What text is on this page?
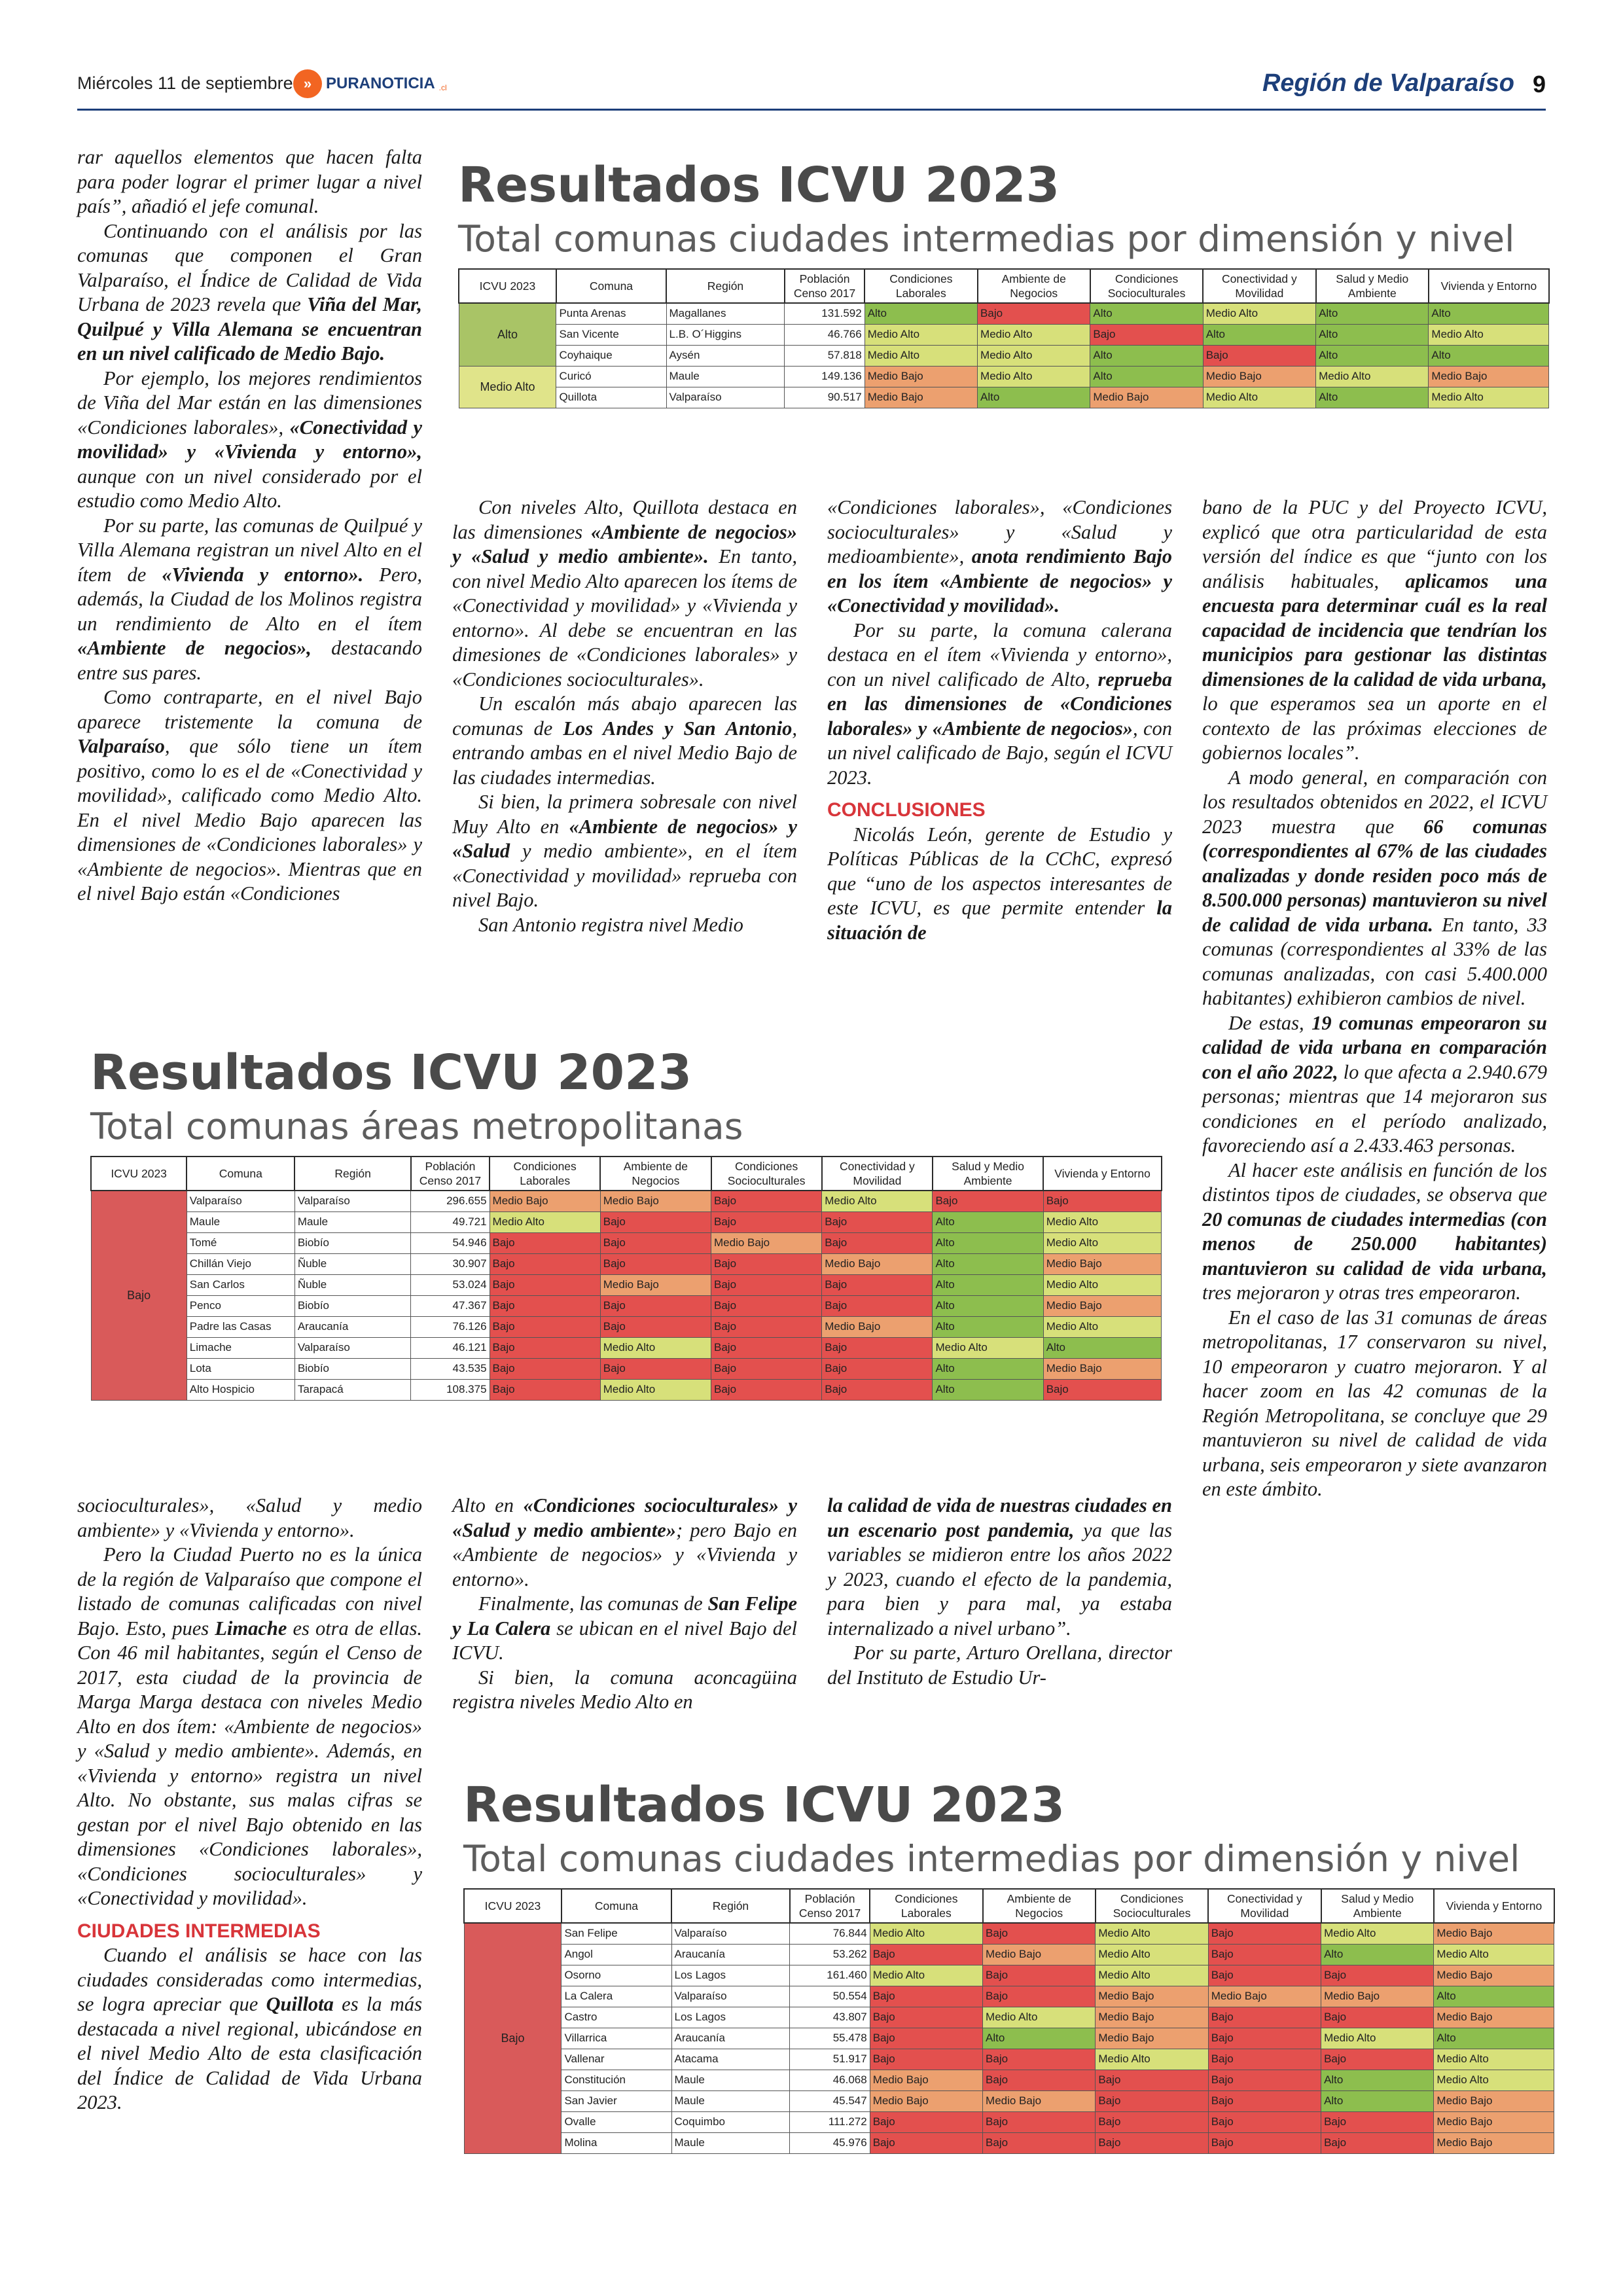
Miércoles 11 de septiembre » PURANOTICIA .cl	Región de Valparaíso 9

rar aquellos elementos que hacen falta para poder lograr el primer lugar a nivel país”, añadió el jefe comunal.

Continuando con el análisis por las comunas que componen el Gran Valparaíso, el Índice de Calidad de Vida Urbana de 2023 revela que Viña del Mar, Quilpué y Villa Alemana se encuentran en un nivel calificado de Medio Bajo.

Por ejemplo, los mejores rendimientos de Viña del Mar están en las dimensiones «Condiciones laborales», «Conectividad y movilidad» y «Vivienda y entorno», aunque con un nivel considerado por el estudio como Medio Alto.

Por su parte, las comunas de Quilpué y Villa Alemana registran un nivel Alto en el ítem de «Vivienda y entorno». Pero, además, la Ciudad de los Molinos registra un rendimiento de Alto en el ítem «Ambiente de negocios», destacando entre sus pares.

Como contraparte, en el nivel Bajo aparece tristemente la comuna de Valparaíso, que sólo tiene un ítem positivo, como lo es el de «Conectividad y movilidad», calificado como Medio Alto. En el nivel Medio Bajo aparecen las dimensiones de «Condiciones laborales» y «Ambiente de negocios». Mientras que en el nivel Bajo están «Condiciones

Con niveles Alto, Quillota destaca en las dimensiones «Ambiente de negocios» y «Salud y medio ambiente». En tanto, con nivel Medio Alto aparecen los ítems de «Conectividad y movilidad» y «Vivienda y entorno». Al debe se encuentran en las dimesiones de «Condiciones laborales» y «Condiciones socioculturales».

Un escalón más abajo aparecen las comunas de Los Andes y San Antonio, entrando ambas en el nivel Medio Bajo de las ciudades intermedias.

Si bien, la primera sobresale con nivel Muy Alto en «Ambiente de negocios» y «Salud y medio ambiente», en el ítem «Conectividad y movilidad» reprueba con nivel Bajo.

San Antonio registra nivel Medio

«Condiciones laborales», «Condiciones socioculturales» y «Salud y medioambiente», anota rendimiento Bajo en los ítem «Ambiente de negocios» y «Conectividad y movilidad».

Por su parte, la comuna calerana destaca en el ítem «Vivienda y entorno», con un nivel calificado de Alto, reprueba en las dimensiones de «Condiciones laborales» y «Ambiente de negocios», con un nivel calificado de Bajo, según el ICVU 2023.

CONCLUSIONES

Nicolás León, gerente de Estudio y Políticas Públicas de la CChC, expresó que “uno de los aspectos interesantes de este ICVU, es que permite entender la situación de

bano de la PUC y del Proyecto ICVU, explicó que otra particularidad de esta versión del índice es que “junto con los análisis habituales, aplicamos una encuesta para determinar cuál es la real capacidad de incidencia que tendrían los municipios para gestionar las distintas dimensiones de la calidad de vida urbana, lo que esperamos sea un aporte en el contexto de las próximas elecciones de gobiernos locales”.

A modo general, en comparación con los resultados obtenidos en 2022, el ICVU 2023 muestra que 66 comunas (correspondientes al 67% de las ciudades analizadas y donde residen poco más de 8.500.000 personas) mantuvieron su nivel de calidad de vida urbana. En tanto, 33 comunas (correspondientes al 33% de las comunas analizadas, con casi 5.400.000 habitantes) exhibieron cambios de nivel.

De estas, 19 comunas empeoraron su calidad de vida urbana en comparación con el año 2022, lo que afecta a 2.940.679 personas; mientras que 14 mejoraron sus condiciones en el período analizado, favoreciendo así a 2.433.463 personas.

Al hacer este análisis en función de los distintos tipos de ciudades, se observa que 20 comunas de ciudades intermedias (con menos de 250.000 habitantes) mantuvieron su calidad de vida urbana, tres mejoraron y otras tres empeoraron.

En el caso de las 31 comunas de áreas metropolitanas, 17 conservaron su nivel, 10 empeoraron y cuatro mejoraron. Y al hacer zoom en las 42 comunas de la Región Metropolitana, se concluye que 29 mantuvieron su nivel de calidad de vida urbana, seis empeoraron y siete avanzaron en este ámbito.

socioculturales», «Salud y medio ambiente» y «Vivienda y entorno».

Pero la Ciudad Puerto no es la única de la región de Valparaíso que compone el listado de comunas calificadas con nivel Bajo. Esto, pues Limache es otra de ellas. Con 46 mil habitantes, según el Censo de 2017, esta ciudad de la provincia de Marga Marga destaca con niveles Medio Alto en dos ítem: «Ambiente de negocios» y «Salud y medio ambiente». Además, en «Vivienda y entorno» registra un nivel Alto. No obstante, sus malas cifras se gestan por el nivel Bajo obtenido en las dimensiones «Condiciones laborales», «Condiciones socioculturales» y «Conectividad y movilidad».

CIUDADES INTERMEDIAS

Cuando el análisis se hace con las ciudades consideradas como intermedias, se logra apreciar que Quillota es la más destacada a nivel regional, ubicándose en el nivel Medio Alto de esta clasificación del Índice de Calidad de Vida Urbana 2023.

Alto en «Condiciones socioculturales» y «Salud y medio ambiente»; pero Bajo en «Ambiente de negocios» y «Vivienda y entorno».

Finalmente, las comunas de San Felipe y La Calera se ubican en el nivel Bajo del ICVU.

Si bien, la comuna aconcagüina registra niveles Medio Alto en

la calidad de vida de nuestras ciudades en un escenario post pandemia, ya que las variables se midieron entre los años 2022 y 2023, cuando el efecto de la pandemia, para bien y para mal, ya estaba internalizado a nivel urbano”.

Por su parte, Arturo Orellana, director del Instituto de Estudio Ur-

Resultados ICVU 2023
Total comunas ciudades intermedias por dimensión y nivel
ICVU 2023	Comuna	Región	Población Censo 2017	Condiciones Laborales	Ambiente de Negocios	Condiciones Socioculturales	Conectividad y Movilidad	Salud y Medio Ambiente	Vivienda y Entorno
Alto	Punta Arenas	Magallanes	131.592	Alto	Bajo	Alto	Medio Alto	Alto	Alto
	San Vicente	L.B. O´Higgins	46.766	Medio Alto	Medio Alto	Bajo	Alto	Alto	Medio Alto
	Coyhaique	Aysén	57.818	Medio Alto	Medio Alto	Alto	Bajo	Alto	Alto
Medio Alto	Curicó	Maule	149.136	Medio Bajo	Medio Alto	Alto	Medio Bajo	Medio Alto	Medio Bajo
	Quillota	Valparaíso	90.517	Medio Bajo	Alto	Medio Bajo	Medio Alto	Alto	Medio Alto
Resultados ICVU 2023
Total comunas áreas metropolitanas
ICVU 2023	Comuna	Región	Población Censo 2017	Condiciones Laborales	Ambiente de Negocios	Condiciones Socioculturales	Conectividad y Movilidad	Salud y Medio Ambiente	Vivienda y Entorno
Bajo	Valparaíso	Valparaíso	296.655	Medio Bajo	Medio Bajo	Bajo	Medio Alto	Bajo	Bajo
	Maule	Maule	49.721	Medio Alto	Bajo	Bajo	Bajo	Alto	Medio Alto
	Tomé	Biobío	54.946	Bajo	Bajo	Medio Bajo	Bajo	Alto	Medio Alto
	Chillán Viejo	Ñuble	30.907	Bajo	Bajo	Bajo	Medio Bajo	Alto	Medio Bajo
	San Carlos	Ñuble	53.024	Bajo	Medio Bajo	Bajo	Bajo	Alto	Medio Alto
	Penco	Biobío	47.367	Bajo	Bajo	Bajo	Bajo	Alto	Medio Bajo
	Padre las Casas	Araucanía	76.126	Bajo	Bajo	Bajo	Medio Bajo	Alto	Medio Alto
	Limache	Valparaíso	46.121	Bajo	Medio Alto	Bajo	Bajo	Medio Alto	Alto
	Lota	Biobío	43.535	Bajo	Bajo	Bajo	Bajo	Alto	Medio Bajo
	Alto Hospicio	Tarapacá	108.375	Bajo	Medio Alto	Bajo	Bajo	Alto	Bajo
Resultados ICVU 2023
Total comunas ciudades intermedias por dimensión y nivel
ICVU 2023	Comuna	Región	Población Censo 2017	Condiciones Laborales	Ambiente de Negocios	Condiciones Socioculturales	Conectividad y Movilidad	Salud y Medio Ambiente	Vivienda y Entorno
Bajo	San Felipe	Valparaíso	76.844	Medio Alto	Bajo	Medio Alto	Bajo	Medio Alto	Medio Bajo
	Angol	Araucanía	53.262	Bajo	Medio Bajo	Medio Alto	Bajo	Alto	Medio Alto
	Osorno	Los Lagos	161.460	Medio Alto	Bajo	Medio Alto	Bajo	Bajo	Medio Bajo
	La Calera	Valparaíso	50.554	Bajo	Bajo	Medio Bajo	Medio Bajo	Medio Bajo	Alto
	Castro	Los Lagos	43.807	Bajo	Medio Alto	Medio Bajo	Bajo	Bajo	Medio Bajo
	Villarrica	Araucanía	55.478	Bajo	Alto	Medio Bajo	Bajo	Medio Alto	Alto
	Vallenar	Atacama	51.917	Bajo	Bajo	Medio Alto	Bajo	Bajo	Medio Alto
	Constitución	Maule	46.068	Medio Bajo	Bajo	Bajo	Bajo	Alto	Medio Alto
	San Javier	Maule	45.547	Medio Bajo	Medio Bajo	Bajo	Bajo	Alto	Medio Bajo
	Ovalle	Coquimbo	111.272	Bajo	Bajo	Bajo	Bajo	Bajo	Medio Bajo
	Molina	Maule	45.976	Bajo	Bajo	Bajo	Bajo	Bajo	Medio Bajo
